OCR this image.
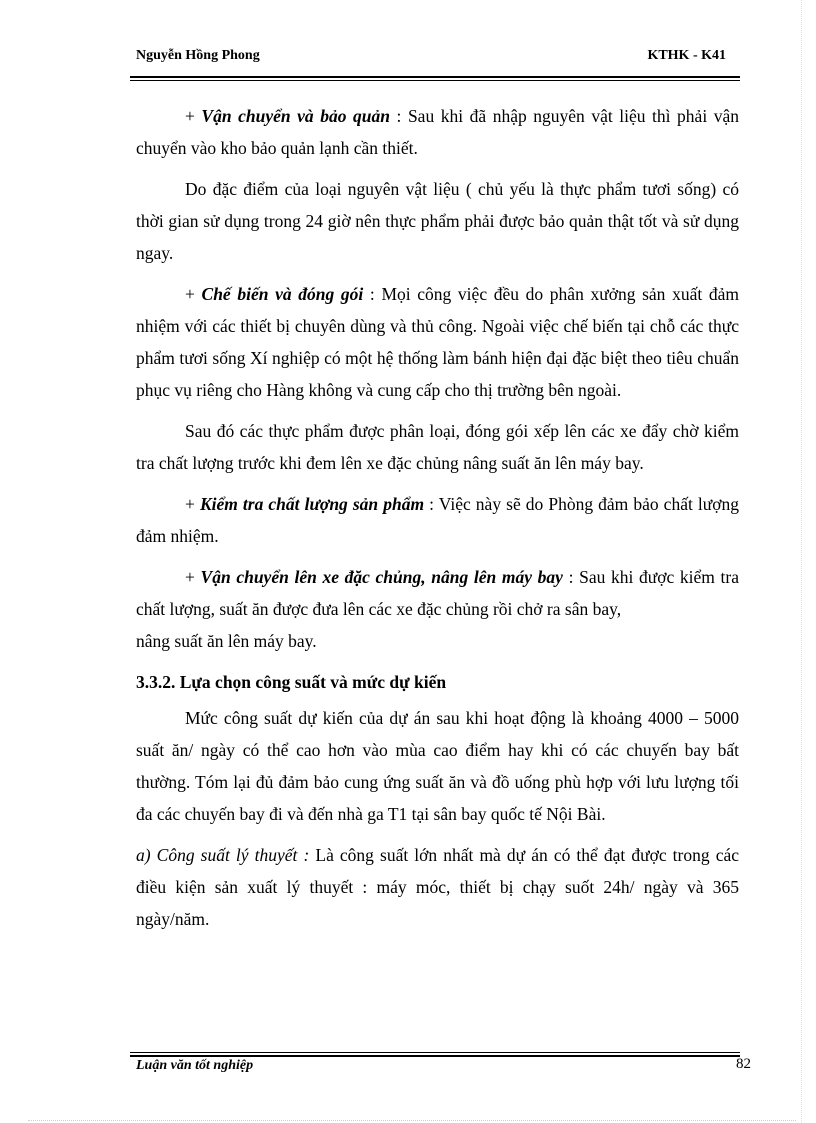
Nguyễn Hồng Phong	KTHK - K41

+ Vận chuyển và bảo quản : Sau khi đã nhập nguyên vật liệu thì phải vận chuyển vào kho bảo quản lạnh cần thiết.

Do đặc điểm của loại nguyên vật liệu ( chủ yếu là thực phẩm tươi sống) có thời gian sử dụng trong 24 giờ nên thực phẩm phải được bảo quản thật tốt và sử dụng ngay.

+ Chế biến và đóng gói : Mọi công việc đều do phân xưởng sản xuất đảm nhiệm với các thiết bị chuyên dùng và thủ công. Ngoài việc chế biến tại chỗ các thực phẩm tươi sống Xí nghiệp có một hệ thống làm bánh hiện đại đặc biệt theo tiêu chuẩn phục vụ riêng cho Hàng không và cung cấp cho thị trường bên ngoài.

Sau đó các thực phẩm được phân loại, đóng gói xếp lên các xe đẩy chờ kiểm tra chất lượng trước khi đem lên xe đặc chủng nâng suất ăn lên máy bay.

+ Kiểm tra chất lượng sản phẩm : Việc này sẽ do Phòng đảm bảo chất lượng đảm nhiệm.

+ Vận chuyển lên xe đặc chủng, nâng lên máy bay : Sau khi được kiểm tra chất lượng, suất ăn được đưa lên các xe đặc chủng rồi chở ra sân bay,

nâng suất ăn lên máy bay.

3.3.2. Lựa chọn công suất và mức dự kiến

Mức công suất dự kiến của dự án sau khi hoạt động là khoảng 4000 – 5000 suất ăn/ ngày có thể cao hơn vào mùa cao điểm hay khi có các chuyến bay bất thường. Tóm lại đủ đảm bảo cung ứng suất ăn và đồ uống phù hợp với lưu lượng tối đa các chuyến bay đi và đến nhà ga T1 tại sân bay quốc tế Nội Bài.

a) Công suất lý thuyết : Là công suất lớn nhất mà dự án có thể đạt được trong các điều kiện sản xuất lý thuyết : máy móc, thiết bị chạy suốt 24h/ ngày và 365 ngày/năm.

Luận văn tốt nghiệp	82
